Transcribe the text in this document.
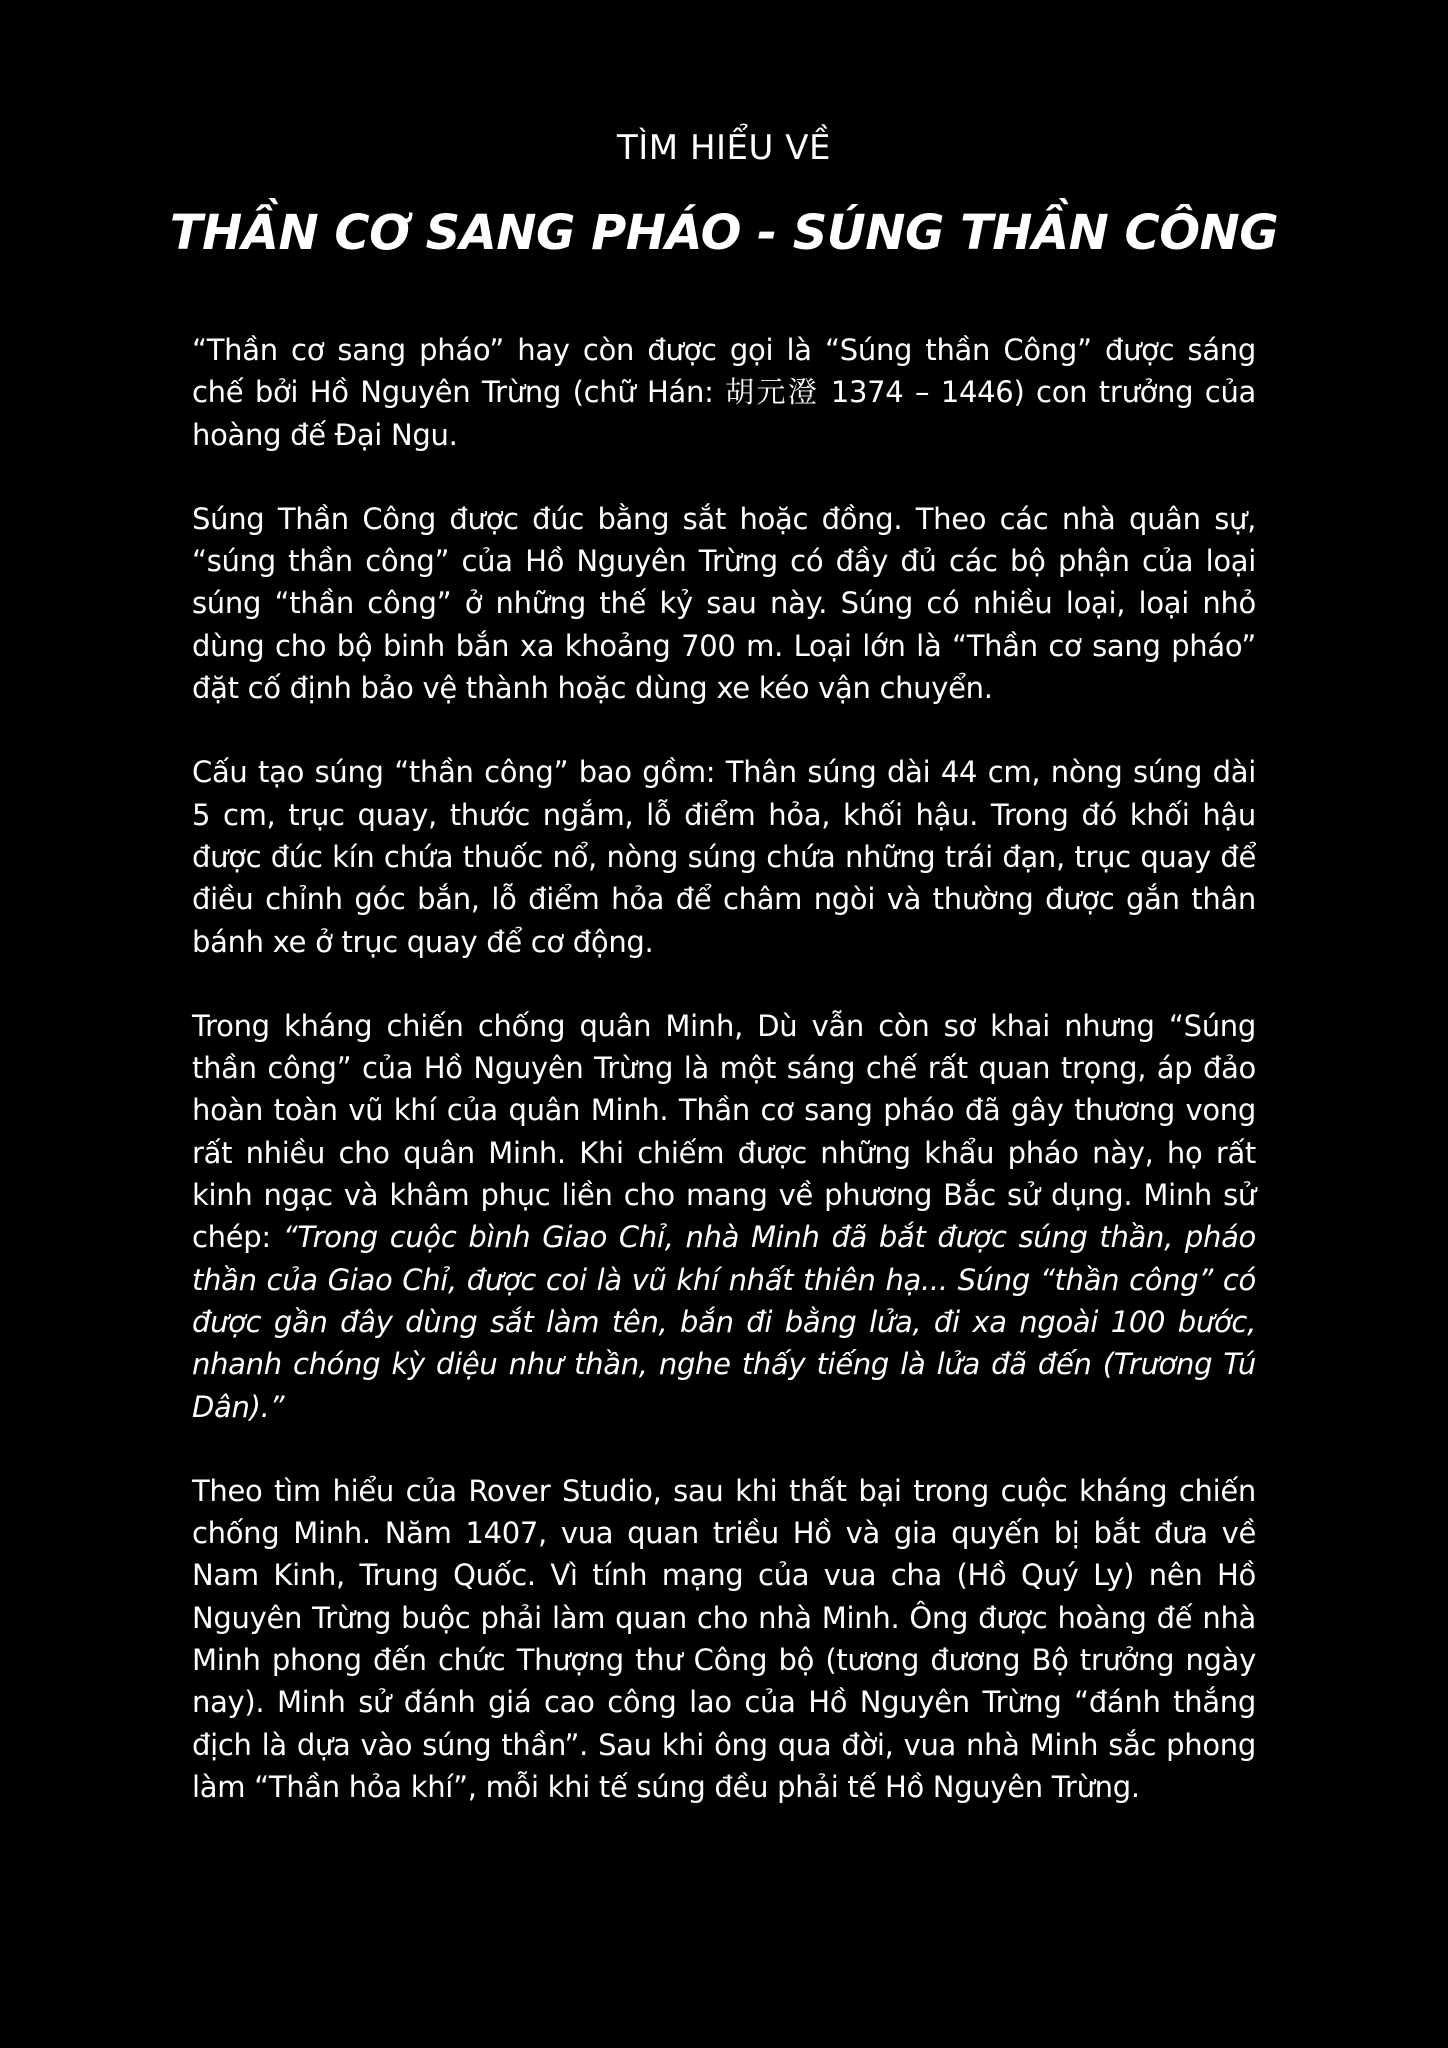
TÌM HIỂU VỀ
THẦN CƠ SANG PHÁO - SÚNG THẦN CÔNG

“Thần cơ sang pháo” hay còn được gọi là “Súng thần Công” được sáng chế bởi Hồ Nguyên Trừng (chữ Hán: 胡元澄 1374 – 1446) con trưởng của hoàng đế Đại Ngu.

Súng Thần Công được đúc bằng sắt hoặc đồng. Theo các nhà quân sự, “súng thần công” của Hồ Nguyên Trừng có đầy đủ các bộ phận của loại súng “thần công” ở những thế kỷ sau này. Súng có nhiều loại, loại nhỏ dùng cho bộ binh bắn xa khoảng 700 m. Loại lớn là “Thần cơ sang pháo” đặt cố định bảo vệ thành hoặc dùng xe kéo vận chuyển.

Cấu tạo súng “thần công” bao gồm: Thân súng dài 44 cm, nòng súng dài 5 cm, trục quay, thước ngắm, lỗ điểm hỏa, khối hậu. Trong đó khối hậu được đúc kín chứa thuốc nổ, nòng súng chứa những trái đạn, trục quay để điều chỉnh góc bắn, lỗ điểm hỏa để châm ngòi và thường được gắn thân bánh xe ở trục quay để cơ động.

Trong kháng chiến chống quân Minh, Dù vẫn còn sơ khai nhưng “Súng thần công” của Hồ Nguyên Trừng là một sáng chế rất quan trọng, áp đảo hoàn toàn vũ khí của quân Minh. Thần cơ sang pháo đã gây thương vong rất nhiều cho quân Minh. Khi chiếm được những khẩu pháo này, họ rất kinh ngạc và khâm phục liền cho mang về phương Bắc sử dụng. Minh sử chép: “Trong cuộc bình Giao Chỉ, nhà Minh đã bắt được súng thần, pháo thần của Giao Chỉ, được coi là vũ khí nhất thiên hạ... Súng “thần công” có được gần đây dùng sắt làm tên, bắn đi bằng lửa, đi xa ngoài 100 bước, nhanh chóng kỳ diệu như thần, nghe thấy tiếng là lửa đã đến (Trương Tú Dân).”

Theo tìm hiểu của Rover Studio, sau khi thất bại trong cuộc kháng chiến chống Minh. Năm 1407, vua quan triều Hồ và gia quyến bị bắt đưa về Nam Kinh, Trung Quốc. Vì tính mạng của vua cha (Hồ Quý Ly) nên Hồ Nguyên Trừng buộc phải làm quan cho nhà Minh. Ông được hoàng đế nhà Minh phong đến chức Thượng thư Công bộ (tương đương Bộ trưởng ngày nay). Minh sử đánh giá cao công lao của Hồ Nguyên Trừng “đánh thắng địch là dựa vào súng thần”. Sau khi ông qua đời, vua nhà Minh sắc phong làm “Thần hỏa khí”, mỗi khi tế súng đều phải tế Hồ Nguyên Trừng.
